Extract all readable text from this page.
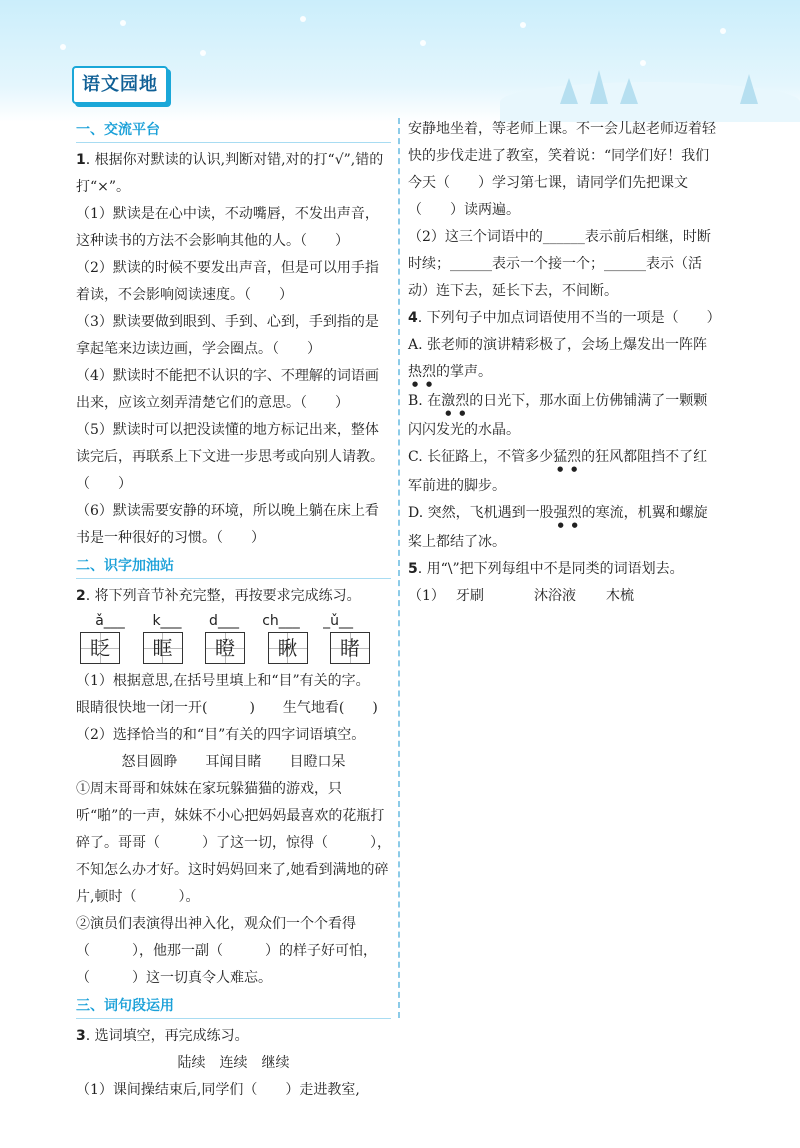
语文园地
一、交流平台

1. 根据你对默读的认识,判断对错,对的打“√”,错的打“×”。

（1）默读是在心中读，不动嘴唇，不发出声音，这种读书的方法不会影响其他的人。（　　）

（2）默读的时候不要发出声音，但是可以用手指着读，不会影响阅读速度。（　　）

（3）默读要做到眼到、手到、心到，手到指的是拿起笔来边读边画，学会圈点。（　　）

（4）默读时不能把不认识的字、不理解的词语画出来，应该立刻弄清楚它们的意思。（　　）

（5）默读时可以把没读懂的地方标记出来，整体读完后，再联系上下文进一步思考或向别人请教。（　　）

（6）默读需要安静的环境，所以晚上躺在床上看书是一种很好的习惯。（　　）

二、识字加油站

2. 将下列音节补充完整，再按要求完成练习。

ǎ___	k___	d___	ch___	_ǔ__
眨	眶	瞪	瞅	睹

（1）根据意思,在括号里填上和“目”有关的字。

眼睛很快地一闭一开(　　　)　　生气地看(　　)

（2）选择恰当的和“目”有关的四字词语填空。

怒目圆睁　　耳闻目睹　　目瞪口呆

①周末哥哥和妹妹在家玩躲猫猫的游戏，只听“啪”的一声，妹妹不小心把妈妈最喜欢的花瓶打碎了。哥哥（　　　）了这一切，惊得（　　　），不知怎么办才好。这时妈妈回来了,她看到满地的碎片,顿时（　　　）。

②演员们表演得出神入化，观众们一个个看得（　　　），他那一副（　　　）的样子好可怕，（　　　）这一切真令人难忘。

三、词句段运用

3. 选词填空，再完成练习。

陆续　连续　继续

（1）课间操结束后,同学们（　　）走进教室,

安静地坐着，等老师上课。不一会儿赵老师迈着轻快的步伐走进了教室，笑着说：“同学们好！我们今天（　　）学习第七课，请同学们先把课文（　　）读两遍。

（2）这三个词语中的______表示前后相继，时断时续；______表示一个接一个；______表示（活动）连下去，延长下去，不间断。

4. 下列句子中加点词语使用不当的一项是（　　）

A. 张老师的演讲精彩极了，会场上爆发出一阵阵热烈的掌声。

B. 在激烈的日光下，那水面上仿佛铺满了一颗颗闪闪发光的水晶。

C. 长征路上，不管多少猛烈的狂风都阻挡不了红军前进的脚步。

D. 突然，飞机遇到一股强烈的寒流，机翼和螺旋桨上都结了冰。

5. 用“\”把下列每组中不是同类的词语划去。

（1） 牙刷	沐浴液	木梳
